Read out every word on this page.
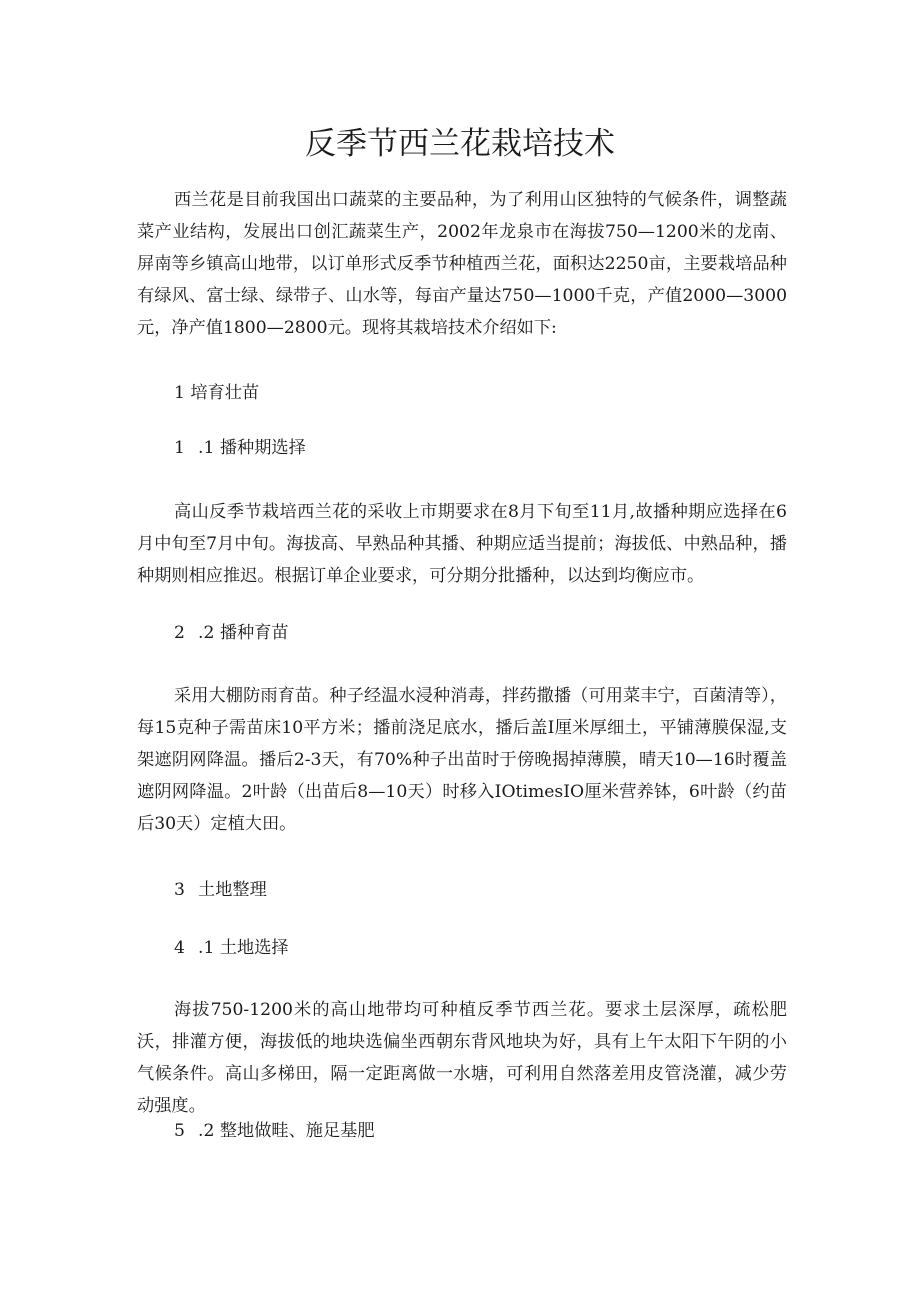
反季节西兰花栽培技术

西兰花是目前我国出口蔬菜的主要品种，为了利用山区独特的气候条件，调整蔬菜产业结构，发展出口创汇蔬菜生产，2002年龙泉市在海拔750—1200米的龙南、屏南等乡镇高山地带，以订单形式反季节种植西兰花，面积达2250亩，主要栽培品种有绿风、富士绿、绿带子、山水等，每亩产量达750—1000千克，产值2000—3000元，净产值1800—2800元。现将其栽培技术介绍如下:

1 培育壮苗
1 .1 播种期选择

高山反季节栽培西兰花的采收上市期要求在8月下旬至11月,故播种期应选择在6月中旬至7月中旬。海拔高、早熟品种其播、种期应适当提前；海拔低、中熟品种，播种期则相应推迟。根据订单企业要求，可分期分批播种，以达到均衡应市。

2 .2 播种育苗

采用大棚防雨育苗。种子经温水浸种消毒，拌药撒播（可用菜丰宁，百菌清等），每15克种子需苗床10平方米；播前浇足底水，播后盖I厘米厚细土，平铺薄膜保湿,支架遮阴网降温。播后2-3天，有70%种子出苗时于傍晚揭掉薄膜，晴天10—16时覆盖遮阴网降温。2叶龄（出苗后8—10天）时移入IOtimesIO厘米营养钵，6叶龄（约苗后30天）定植大田。

3 土地整理
4 .1 土地选择

海拔750-1200米的高山地带均可种植反季节西兰花。要求土层深厚，疏松肥沃，排灌方便，海拔低的地块选偏坐西朝东背风地块为好，具有上午太阳下午阴的小气候条件。高山多梯田，隔一定距离做一水塘，可利用自然落差用皮管浇灌，减少劳动强度。

5 .2 整地做畦、施足基肥
